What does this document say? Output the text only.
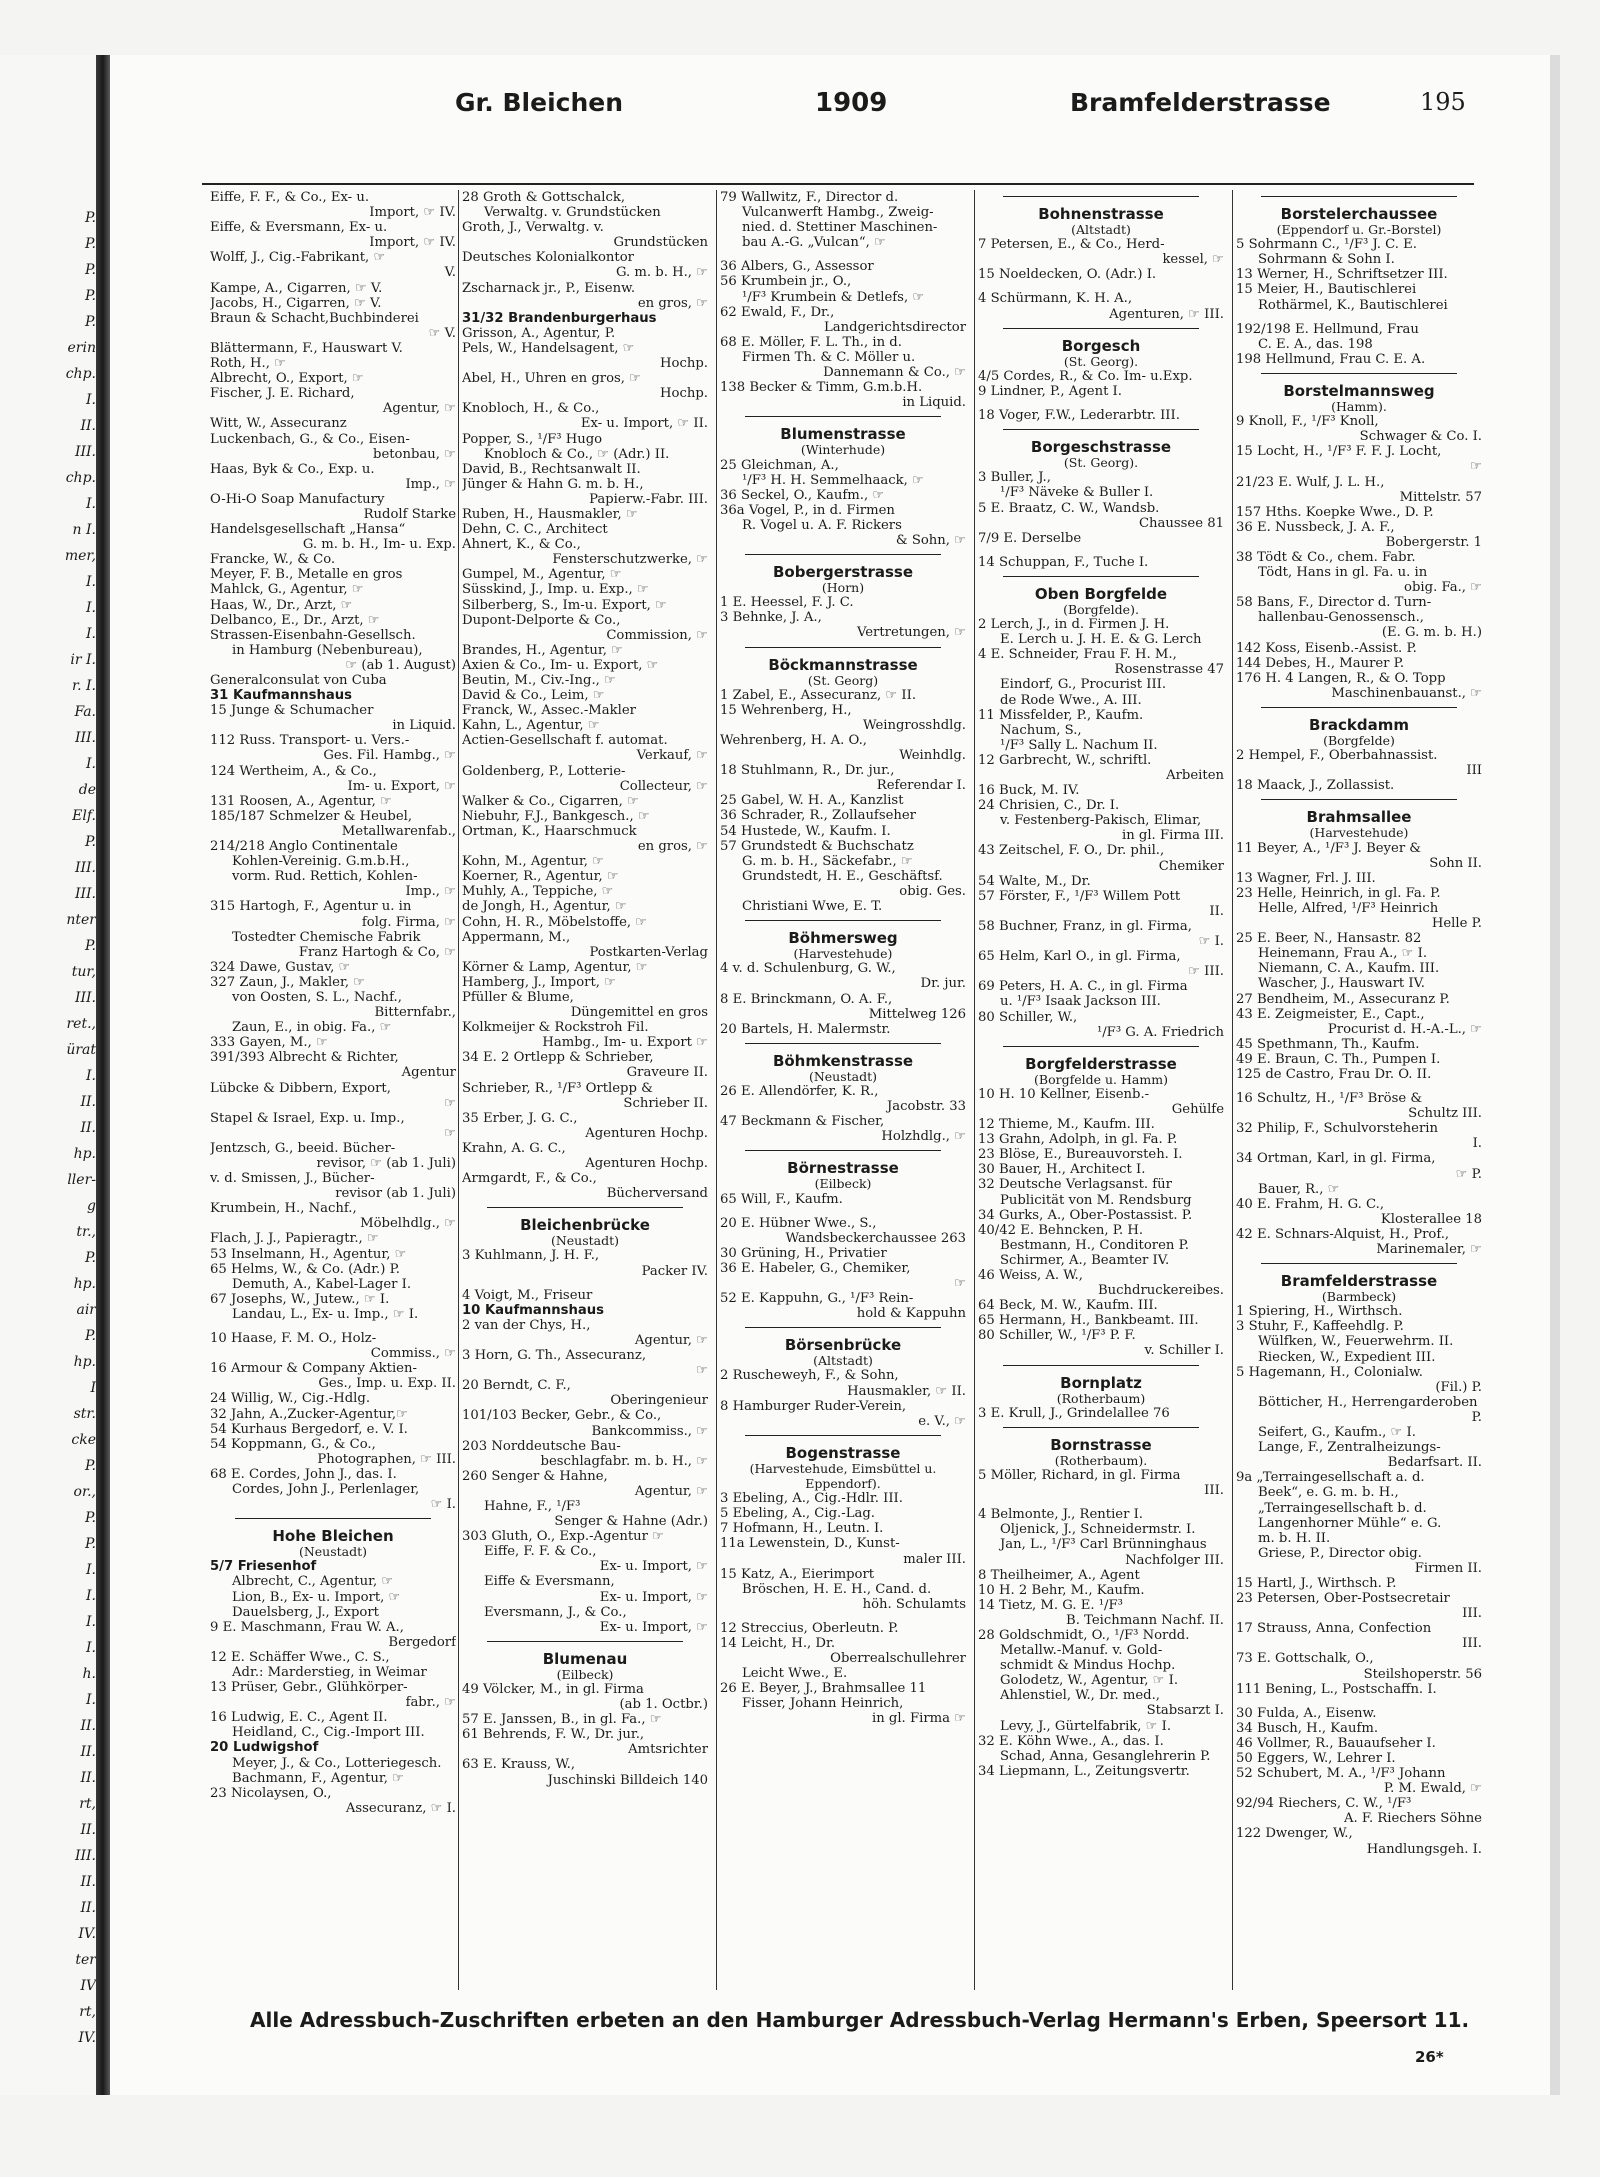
P.
P.
P.
P.
P.
erin
chp.
I.
II.
III.
chp.
I.
n I.
mer,
I.
I.
I.
ir I.
r. I.
Fa.
III.
I.
de
Elf.
P.
III.
III.
nter
P.
tur,
III.
ret.,
ürat
I.
II.
II.
hp.
ller-
g
tr.,
P.
hp.
air
P.
hp.
I
str.
cke
P.
or.,
P.
P.
I.
I.
I.
I.
h.
I.
II.
II.
II.
rt,
II.
III.
II.
II.
IV.
ter
IV
rt,
IV.
Gr. Bleichen	1909	Bramfelderstrasse	195
Eiffe, F. F., & Co., Ex- u.
Import, ☞ IV.
Eiffe, & Eversmann, Ex- u.
Import, ☞ IV.
Wolff, J., Cig.-Fabrikant, ☞
V.
Kampe, A., Cigarren, ☞ V.
Jacobs, H., Cigarren, ☞ V.
Braun & Schacht,Buchbinderei
☞ V.
Blättermann, F., Hauswart V.
Roth, H., ☞
Albrecht, O., Export, ☞
Fischer, J. E. Richard,
Agentur, ☞
Witt, W., Assecuranz
Luckenbach, G., & Co., Eisen-
betonbau, ☞
Haas, Byk & Co., Exp. u.
Imp., ☞
O-Hi-O Soap Manufactury
Rudolf Starke
Handelsgesellschaft „Hansa“
G. m. b. H., Im- u. Exp.
Francke, W., & Co.
Meyer, F. B., Metalle en gros
Mahlck, G., Agentur, ☞
Haas, W., Dr., Arzt, ☞
Delbanco, E., Dr., Arzt, ☞
Strassen-Eisenbahn-Gesellsch.
in Hamburg (Nebenbureau),
☞ (ab 1. August)
Generalconsulat von Cuba
31 Kaufmannshaus
15 Junge & Schumacher
in Liquid.
112 Russ. Transport- u. Vers.-
Ges. Fil. Hambg., ☞
124 Wertheim, A., & Co.,
Im- u. Export, ☞
131 Roosen, A., Agentur, ☞
185/187 Schmelzer & Heubel,
Metallwarenfab.,
214/218 Anglo Continentale
Kohlen-Vereinig. G.m.b.H.,
vorm. Rud. Rettich, Kohlen-
Imp., ☞
315 Hartogh, F., Agentur u. in
folg. Firma, ☞
Tostedter Chemische Fabrik
Franz Hartogh & Co, ☞
324 Dawe, Gustav, ☞
327 Zaun, J., Makler, ☞
von Oosten, S. L., Nachf.,
Bitternfabr.,
Zaun, E., in obig. Fa., ☞
333 Gayen, M., ☞
391/393 Albrecht & Richter,
Agentur
Lübcke & Dibbern, Export,
☞
Stapel & Israel, Exp. u. Imp.,
☞
Jentzsch, G., beeid. Bücher-
revisor, ☞ (ab 1. Juli)
v. d. Smissen, J., Bücher-
revisor (ab 1. Juli)
Krumbein, H., Nachf.,
Möbelhdlg., ☞
Flach, J. J., Papieragtr., ☞
53 Inselmann, H., Agentur, ☞
65 Helms, W., & Co. (Adr.) P.
Demuth, A., Kabel-Lager I.
67 Josephs, W., Jutew., ☞ I.
Landau, L., Ex- u. Imp., ☞ I.
10 Haase, F. M. O., Holz-
Commiss., ☞
16 Armour & Company Aktien-
Ges., Imp. u. Exp. II.
24 Willig, W., Cig.-Hdlg.
32 Jahn, A.,Zucker-Agentur,☞
54 Kurhaus Bergedorf, e. V. I.
54 Koppmann, G., & Co.,
Photographen, ☞ III.
68 E. Cordes, John J., das. I.
Cordes, John J., Perlenlager,
☞ I.
Hohe Bleichen
(Neustadt)
5/7 Friesenhof
Albrecht, C., Agentur, ☞
Lion, B., Ex- u. Import, ☞
Dauelsberg, J., Export
9 E. Maschmann, Frau W. A.,
Bergedorf
12 E. Schäffer Wwe., C. S.,
Adr.: Marderstieg, in Weimar
13 Prüser, Gebr., Glühkörper-
fabr., ☞
16 Ludwig, E. C., Agent II.
Heidland, C., Cig.-Import III.
20 Ludwigshof
Meyer, J., & Co., Lotteriegesch.
Bachmann, F., Agentur, ☞
23 Nicolaysen, O.,
Assecuranz, ☞ I.
28 Groth & Gottschalck,
Verwaltg. v. Grundstücken
Groth, J., Verwaltg. v.
Grundstücken
Deutsches Kolonialkontor
G. m. b. H., ☞
Zscharnack jr., P., Eisenw.
en gros, ☞
31/32 Brandenburgerhaus
Grisson, A., Agentur, P.
Pels, W., Handelsagent, ☞
Hochp.
Abel, H., Uhren en gros, ☞
Hochp.
Knobloch, H., & Co.,
Ex- u. Import, ☞ II.
Popper, S., ¹/F³ Hugo
Knobloch & Co., ☞ (Adr.) II.
David, B., Rechtsanwalt II.
Jünger & Hahn G. m. b. H.,
Papierw.-Fabr. III.
Ruben, H., Hausmakler, ☞
Dehn, C. C., Architect
Ahnert, K., & Co.,
Fensterschutzwerke, ☞
Gumpel, M., Agentur, ☞
Süsskind, J., Imp. u. Exp., ☞
Silberberg, S., Im-u. Export, ☞
Dupont-Delporte & Co.,
Commission, ☞
Brandes, H., Agentur, ☞
Axien & Co., Im- u. Export, ☞
Beutin, M., Civ.-Ing., ☞
David & Co., Leim, ☞
Franck, W., Assec.-Makler
Kahn, L., Agentur, ☞
Actien-Gesellschaft f. automat.
Verkauf, ☞
Goldenberg, P., Lotterie-
Collecteur, ☞
Walker & Co., Cigarren, ☞
Niebuhr, F.J., Bankgesch., ☞
Ortman, K., Haarschmuck
en gros, ☞
Kohn, M., Agentur, ☞
Koerner, R., Agentur, ☞
Muhly, A., Teppiche, ☞
de Jongh, H., Agentur, ☞
Cohn, H. R., Möbelstoffe, ☞
Appermann, M.,
Postkarten-Verlag
Körner & Lamp, Agentur, ☞
Hamberg, J., Import, ☞
Pfüller & Blume,
Düngemittel en gros
Kolkmeijer & Rockstroh Fil.
Hambg., Im- u. Export ☞
34 E. 2 Ortlepp & Schrieber,
Graveure II.
Schrieber, R., ¹/F³ Ortlepp &
Schrieber II.
35 Erber, J. G. C.,
Agenturen Hochp.
Krahn, A. G. C.,
Agenturen Hochp.
Armgardt, F., & Co.,
Bücherversand
Bleichenbrücke
(Neustadt)
3 Kuhlmann, J. H. F.,
Packer IV.
4 Voigt, M., Friseur
10 Kaufmannshaus
2 van der Chys, H.,
Agentur, ☞
3 Horn, G. Th., Assecuranz,
☞
20 Berndt, C. F.,
Oberingenieur
101/103 Becker, Gebr., & Co.,
Bankcommiss., ☞
203 Norddeutsche Bau-
beschlagfabr. m. b. H., ☞
260 Senger & Hahne,
Agentur, ☞
Hahne, F., ¹/F³
Senger & Hahne (Adr.)
303 Gluth, O., Exp.-Agentur ☞
Eiffe, F. F. & Co.,
Ex- u. Import, ☞
Eiffe & Eversmann,
Ex- u. Import, ☞
Eversmann, J., & Co.,
Ex- u. Import, ☞
Blumenau
(Eilbeck)
49 Völcker, M., in gl. Firma
(ab 1. Octbr.)
57 E. Janssen, B., in gl. Fa., ☞
61 Behrends, F. W., Dr. jur.,
Amtsrichter
63 E. Krauss, W.,
Juschinski Billdeich 140
79 Wallwitz, F., Director d.
Vulcanwerft Hambg., Zweig-
nied. d. Stettiner Maschinen-
bau A.-G. „Vulcan“, ☞
36 Albers, G., Assessor
56 Krumbein jr., O.,
¹/F³ Krumbein & Detlefs, ☞
62 Ewald, F., Dr.,
Landgerichtsdirector
68 E. Möller, F. L. Th., in d.
Firmen Th. & C. Möller u.
Dannemann & Co., ☞
138 Becker & Timm, G.m.b.H.
in Liquid.
Blumenstrasse
(Winterhude)
25 Gleichman, A.,
¹/F³ H. H. Semmelhaack, ☞
36 Seckel, O., Kaufm., ☞
36a Vogel, P., in d. Firmen
R. Vogel u. A. F. Rickers
& Sohn, ☞
Bobergerstrasse
(Horn)
1 E. Heessel, F. J. C.
3 Behnke, J. A.,
Vertretungen, ☞
Böckmannstrasse
(St. Georg)
1 Zabel, E., Assecuranz, ☞ II.
15 Wehrenberg, H.,
Weingrosshdlg.
Wehrenberg, H. A. O.,
Weinhdlg.
18 Stuhlmann, R., Dr. jur.,
Referendar I.
25 Gabel, W. H. A., Kanzlist
36 Schrader, R., Zollaufseher
54 Hustede, W., Kaufm. I.
57 Grundstedt & Buchschatz
G. m. b. H., Säckefabr., ☞
Grundstedt, H. E., Geschäftsf.
obig. Ges.
Christiani Wwe, E. T.
Böhmersweg
(Harvestehude)
4 v. d. Schulenburg, G. W.,
Dr. jur.
8 E. Brinckmann, O. A. F.,
Mittelweg 126
20 Bartels, H. Malermstr.
Böhmkenstrasse
(Neustadt)
26 E. Allendörfer, K. R.,
Jacobstr. 33
47 Beckmann & Fischer,
Holzhdlg., ☞
Börnestrasse
(Eilbeck)
65 Will, F., Kaufm.
20 E. Hübner Wwe., S.,
Wandsbeckerchaussee 263
30 Grüning, H., Privatier
36 E. Habeler, G., Chemiker,
☞
52 E. Kappuhn, G., ¹/F³ Rein-
hold & Kappuhn
Börsenbrücke
(Altstadt)
2 Ruscheweyh, F., & Sohn,
Hausmakler, ☞ II.
8 Hamburger Ruder-Verein,
e. V., ☞
Bogenstrasse
(Harvestehude, Eimsbüttel u.
Eppendorf).
3 Ebeling, A., Cig.-Hdlr. III.
5 Ebeling, A., Cig.-Lag.
7 Hofmann, H., Leutn. I.
11a Lewenstein, D., Kunst-
maler III.
15 Katz, A., Eierimport
Bröschen, H. E. H., Cand. d.
höh. Schulamts
12 Streccius, Oberleutn. P.
14 Leicht, H., Dr.
Oberrealschullehrer
Leicht Wwe., E.
26 E. Beyer, J., Brahmsallee 11
Fisser, Johann Heinrich,
in gl. Firma ☞
Bohnenstrasse
(Altstadt)
7 Petersen, E., & Co., Herd-
kessel, ☞
15 Noeldecken, O. (Adr.) I.
4 Schürmann, K. H. A.,
Agenturen, ☞ III.
Borgesch
(St. Georg).
4/5 Cordes, R., & Co. Im- u.Exp.
9 Lindner, P., Agent I.
18 Voger, F.W., Lederarbtr. III.
Borgeschstrasse
(St. Georg).
3 Buller, J.,
¹/F³ Näveke & Buller I.
5 E. Braatz, C. W., Wandsb.
Chaussee 81
7/9 E. Derselbe
14 Schuppan, F., Tuche I.
Oben Borgfelde
(Borgfelde).
2 Lerch, J., in d. Firmen J. H.
E. Lerch u. J. H. E. & G. Lerch
4 E. Schneider, Frau F. H. M.,
Rosenstrasse 47
Eindorf, G., Procurist III.
de Rode Wwe., A. III.
11 Missfelder, P., Kaufm.
Nachum, S.,
¹/F³ Sally L. Nachum II.
12 Garbrecht, W., schriftl.
Arbeiten
16 Buck, M. IV.
24 Chrisien, C., Dr. I.
v. Festenberg-Pakisch, Elimar,
in gl. Firma III.
43 Zeitschel, F. O., Dr. phil.,
Chemiker
54 Walte, M., Dr.
57 Förster, F., ¹/F³ Willem Pott
II.
58 Buchner, Franz, in gl. Firma,
☞ I.
65 Helm, Karl O., in gl. Firma,
☞ III.
69 Peters, H. A. C., in gl. Firma
u. ¹/F³ Isaak Jackson III.
80 Schiller, W.,
¹/F³ G. A. Friedrich
Borgfelderstrasse
(Borgfelde u. Hamm)
10 H. 10 Kellner, Eisenb.-
Gehülfe
12 Thieme, M., Kaufm. III.
13 Grahn, Adolph, in gl. Fa. P.
23 Blöse, E., Bureauvorsteh. I.
30 Bauer, H., Architect I.
32 Deutsche Verlagsanst. für
Publicität von M. Rendsburg
34 Gurks, A., Ober-Postassist. P.
40/42 E. Behncken, P. H.
Bestmann, H., Conditoren P.
Schirmer, A., Beamter IV.
46 Weiss, A. W.,
Buchdruckereibes.
64 Beck, M. W., Kaufm. III.
65 Hermann, H., Bankbeamt. III.
80 Schiller, W., ¹/F³ P. F.
v. Schiller I.
Bornplatz
(Rotherbaum)
3 E. Krull, J., Grindelallee 76
Bornstrasse
(Rotherbaum).
5 Möller, Richard, in gl. Firma
III.
4 Belmonte, J., Rentier I.
Oljenick, J., Schneidermstr. I.
Jan, L., ¹/F³ Carl Brünninghaus
Nachfolger III.
8 Theilheimer, A., Agent
10 H. 2 Behr, M., Kaufm.
14 Tietz, M. G. E. ¹/F³
B. Teichmann Nachf. II.
28 Goldschmidt, O., ¹/F³ Nordd.
Metallw.-Manuf. v. Gold-
schmidt & Mindus Hochp.
Golodetz, W., Agentur, ☞ I.
Ahlenstiel, W., Dr. med.,
Stabsarzt I.
Levy, J., Gürtelfabrik, ☞ I.
32 E. Köhn Wwe., A., das. I.
Schad, Anna, Gesanglehrerin P.
34 Liepmann, L., Zeitungsvertr.
Borstelerchaussee
(Eppendorf u. Gr.-Borstel)
5 Sohrmann C., ¹/F³ J. C. E.
Sohrmann & Sohn I.
13 Werner, H., Schriftsetzer III.
15 Meier, H., Bautischlerei
Rothärmel, K., Bautischlerei
192/198 E. Hellmund, Frau
C. E. A., das. 198
198 Hellmund, Frau C. E. A.
Borstelmannsweg
(Hamm).
9 Knoll, F., ¹/F³ Knoll,
Schwager & Co. I.
15 Locht, H., ¹/F³ F. F. J. Locht,
☞
21/23 E. Wulf, J. L. H.,
Mittelstr. 57
157 Hths. Koepke Wwe., D. P.
36 E. Nussbeck, J. A. F.,
Bobergerstr. 1
38 Tödt & Co., chem. Fabr.
Tödt, Hans in gl. Fa. u. in
obig. Fa., ☞
58 Bans, F., Director d. Turn-
hallenbau-Genossensch.,
(E. G. m. b. H.)
142 Koss, Eisenb.-Assist. P.
144 Debes, H., Maurer P.
176 H. 4 Langen, R., & O. Topp
Maschinenbauanst., ☞
Brackdamm
(Borgfelde)
2 Hempel, F., Oberbahnassist.
III
18 Maack, J., Zollassist.
Brahmsallee
(Harvestehude)
11 Beyer, A., ¹/F³ J. Beyer &
Sohn II.
13 Wagner, Frl. J. III.
23 Helle, Heinrich, in gl. Fa. P.
Helle, Alfred, ¹/F³ Heinrich
Helle P.
25 E. Beer, N., Hansastr. 82
Heinemann, Frau A., ☞ I.
Niemann, C. A., Kaufm. III.
Wascher, J., Hauswart IV.
27 Bendheim, M., Assecuranz P.
43 E. Zeigmeister, E., Capt.,
Procurist d. H.-A.-L., ☞
45 Spethmann, Th., Kaufm.
49 E. Braun, C. Th., Pumpen I.
125 de Castro, Frau Dr. O. II.
16 Schultz, H., ¹/F³ Bröse &
Schultz III.
32 Philip, F., Schulvorsteherin
I.
34 Ortman, Karl, in gl. Firma,
☞ P.
Bauer, R., ☞
40 E. Frahm, H. G. C.,
Klosterallee 18
42 E. Schnars-Alquist, H., Prof.,
Marinemaler, ☞
Bramfelderstrasse
(Barmbeck)
1 Spiering, H., Wirthsch.
3 Stuhr, F., Kaffeehdlg. P.
Wülfken, W., Feuerwehrm. II.
Riecken, W., Expedient III.
5 Hagemann, H., Colonialw.
(Fil.) P.
Bötticher, H., Herrengarderoben
P.
Seifert, G., Kaufm., ☞ I.
Lange, F., Zentralheizungs-
Bedarfsart. II.
9a „Terraingesellschaft a. d.
Beek“, e. G. m. b. H.,
„Terraingesellschaft b. d.
Langenhorner Mühle“ e. G.
m. b. H. II.
Griese, P., Director obig.
Firmen II.
15 Hartl, J., Wirthsch. P.
23 Petersen, Ober-Postsecretair
III.
17 Strauss, Anna, Confection
III.
73 E. Gottschalk, O.,
Steilshoperstr. 56
111 Bening, L., Postschaffn. I.
30 Fulda, A., Eisenw.
34 Busch, H., Kaufm.
46 Vollmer, R., Bauaufseher I.
50 Eggers, W., Lehrer I.
52 Schubert, M. A., ¹/F³ Johann
P. M. Ewald, ☞
92/94 Riechers, C. W., ¹/F³
A. F. Riechers Söhne
122 Dwenger, W.,
Handlungsgeh. I.
Alle Adressbuch-Zuschriften erbeten an den Hamburger Adressbuch-Verlag Hermann's Erben, Speersort 11.
26*
